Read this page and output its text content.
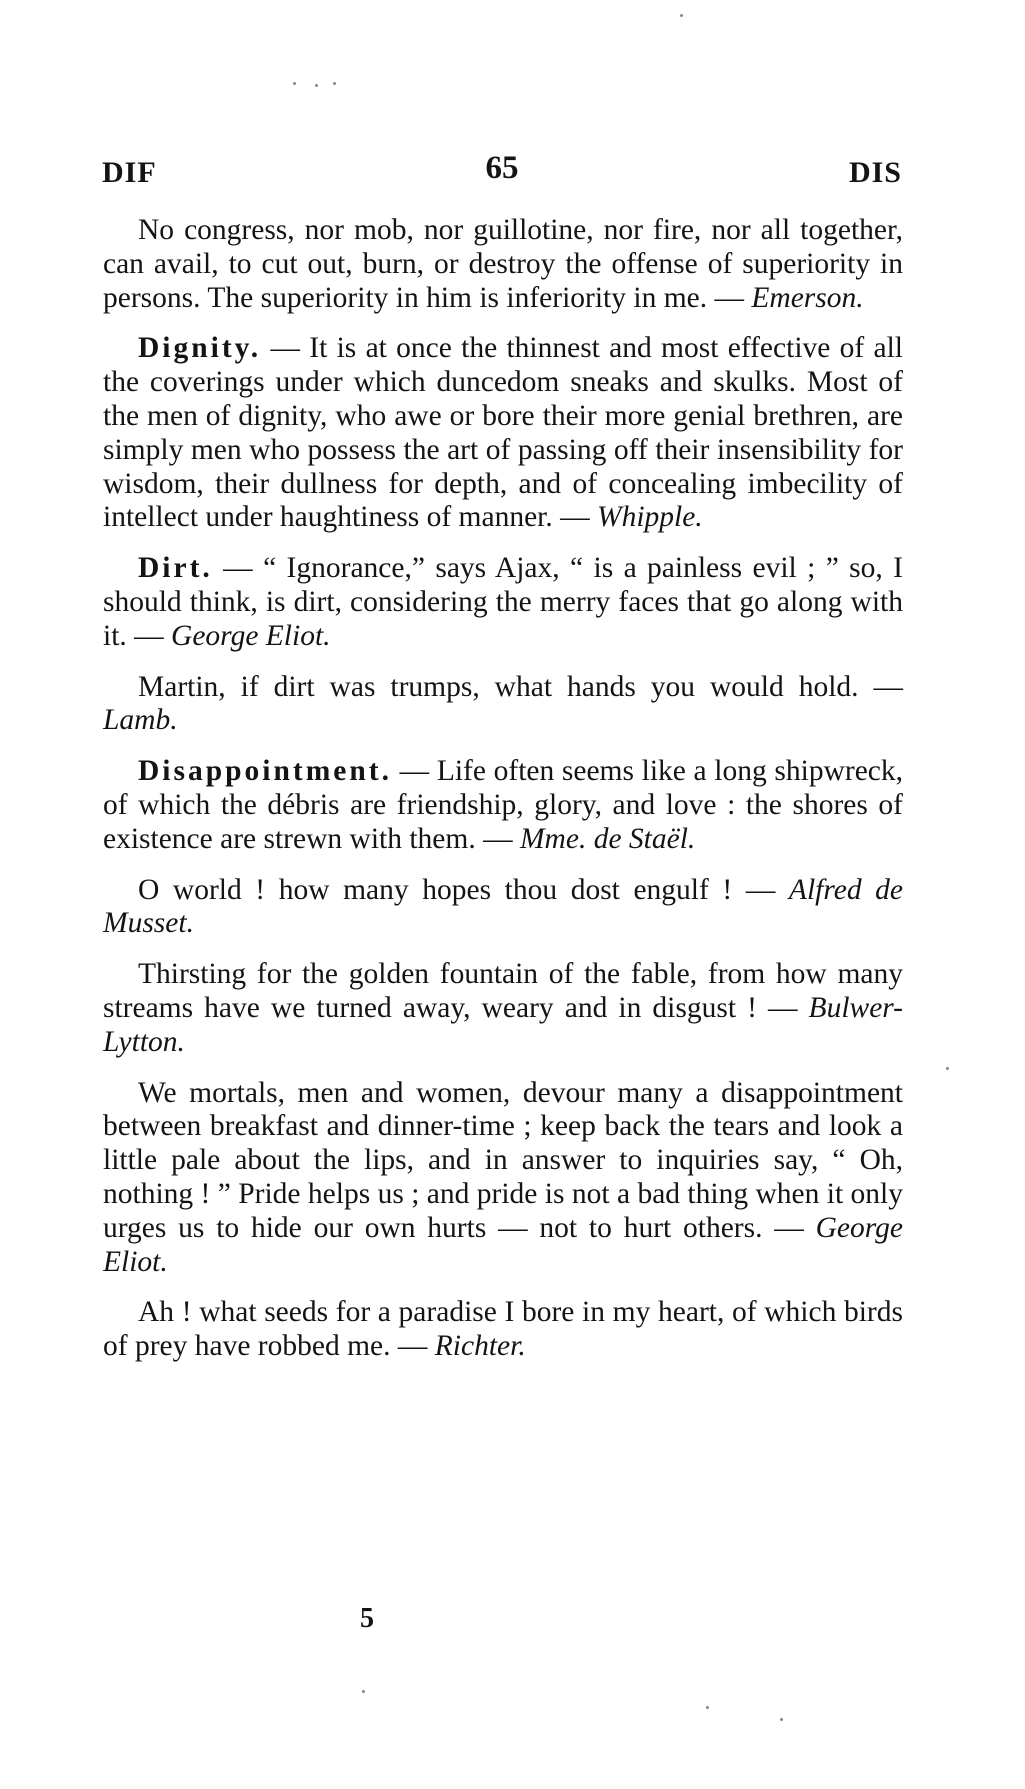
DIF	65	DIS

No congress, nor mob, nor guillotine, nor fire, nor all together, can avail, to cut out, burn, or destroy the offense of superiority in persons. The superiority in him is inferiority in me. — Emerson.

Dignity. — It is at once the thinnest and most effective of all the coverings under which duncedom sneaks and skulks. Most of the men of dignity, who awe or bore their more genial brethren, are simply men who possess the art of passing off their insensibility for wisdom, their dullness for depth, and of concealing imbecility of intellect under haughtiness of manner. — Whipple.

Dirt. — “ Ignorance,” says Ajax, “ is a painless evil ; ” so, I should think, is dirt, considering the merry faces that go along with it. — George Eliot.

Martin, if dirt was trumps, what hands you would hold. — Lamb.

Disappointment. — Life often seems like a long shipwreck, of which the débris are friendship, glory, and love : the shores of existence are strewn with them. — Mme. de Staël.

O world ! how many hopes thou dost engulf ! — Alfred de Musset.

Thirsting for the golden fountain of the fable, from how many streams have we turned away, weary and in disgust ! — Bulwer-Lytton.

We mortals, men and women, devour many a disappointment between breakfast and dinner-time ; keep back the tears and look a little pale about the lips, and in answer to inquiries say, “ Oh, nothing ! ” Pride helps us ; and pride is not a bad thing when it only urges us to hide our own hurts — not to hurt others. — George Eliot.

Ah ! what seeds for a paradise I bore in my heart, of which birds of prey have robbed me. — Richter.

5
